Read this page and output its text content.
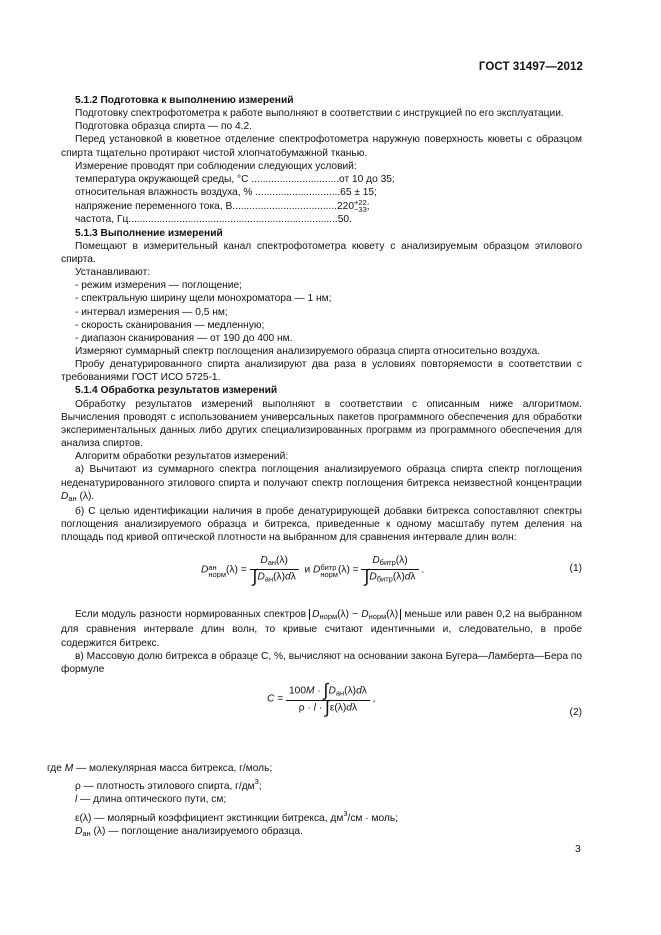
ГОСТ 31497—2012

5.1.2 Подготовка к выполнению измерений

Подготовку спектрофотометра к работе выполняют в соответствии с инструкцией по его эксплуатации.

Подготовка образца спирта — по 4.2.

Перед установкой в кюветное отделение спектрофотометра наружную поверхность кюветы с образцом спирта тщательно протирают чистой хлопчатобумажной тканью.

Измерение проводят при соблюдении следующих условий:

температура окружающей среды, °С ...............................от 10 до 35;

относительная влажность воздуха, % ..............................65 ± 15;

напряжение переменного тока, В.....................................220 +22
−33 ;

частота, Гц..........................................................................50.

5.1.3 Выполнение измерений

Помещают в измерительный канал спектрофотометра кювету с анализируемым образцом этилового спирта.

Устанавливают:

- режим измерения — поглощение;

- спектральную ширину щели монохроматора — 1 нм;

- интервал измерения — 0,5 нм;

- скорость сканирования — медленную;

- диапазон сканирования — от 190 до 400 нм.

Измеряют суммарный спектр поглощения анализируемого образца спирта относительно воздуха.

Пробу денатурированного спирта анализируют два раза в условиях повторяемости в соответствии с требованиями ГОСТ ИСО 5725-1.

5.1.4 Обработка результатов измерений

Обработку результатов измерений выполняют в соответствии с описанным ниже алгоритмом. Вычисления проводят с использованием универсальных пакетов программного обеспечения для обработки экспериментальных данных либо других специализированных программ из программного обеспечения для анализа спиртов.

Алгоритм обработки результатов измерений:

а) Вычитают из суммарного спектра поглощения анализируемого образца спирта спектр поглощения неденатурированного этилового спирта и получают спектр поглощения битрекса неизвестной концентрации $D_{ан}$ (λ).

б) С целью идентификации наличия в пробе денатурирующей добавки битрекса сопоставляют спектры поглощения анализируемого образца и битрекса, приведенные к одному масштабу путем деления на площадь под кривой оптической плотности на выбранном для сравнения интервале длин волн:

D ан
норм $(\lambda) = \frac{D_{ан}(\lambda)}{\int D_{ан}(\lambda)d\lambda}$ и D битр
норм $(\lambda) = \frac{D_{битр}(\lambda)}{\int D_{битр}(\lambda)d\lambda}$ .	(1)

Если модуль разности нормированных спектров $D_{норм}(\lambda) - D_{норм}(\lambda)$ меньше или равен 0,2 на выбранном для сравнения интервале длин волн, то кривые считают идентичными и, следовательно, в пробе содержится битрекс.

в) Массовую долю битрекса в образце С, %, вычисляют на основании закона Бугера—Ламберта—Бера по формуле

$C = \frac{100M \cdot \int D_{ан}(\lambda)d\lambda}{\rho \cdot l \cdot \int\varepsilon(\lambda)d\lambda}$ ,
(2)

где M — молекулярная масса битрекса, г/моль;

ρ — плотность этилового спирта, $г/дм^3$;

l — длина оптического пути, см;

ε(λ) — молярный коэффициент экстинкции битрекса, $дм^3/см$ · моль;

$D_{ан}$ (λ) — поглощение анализируемого образца.

3
